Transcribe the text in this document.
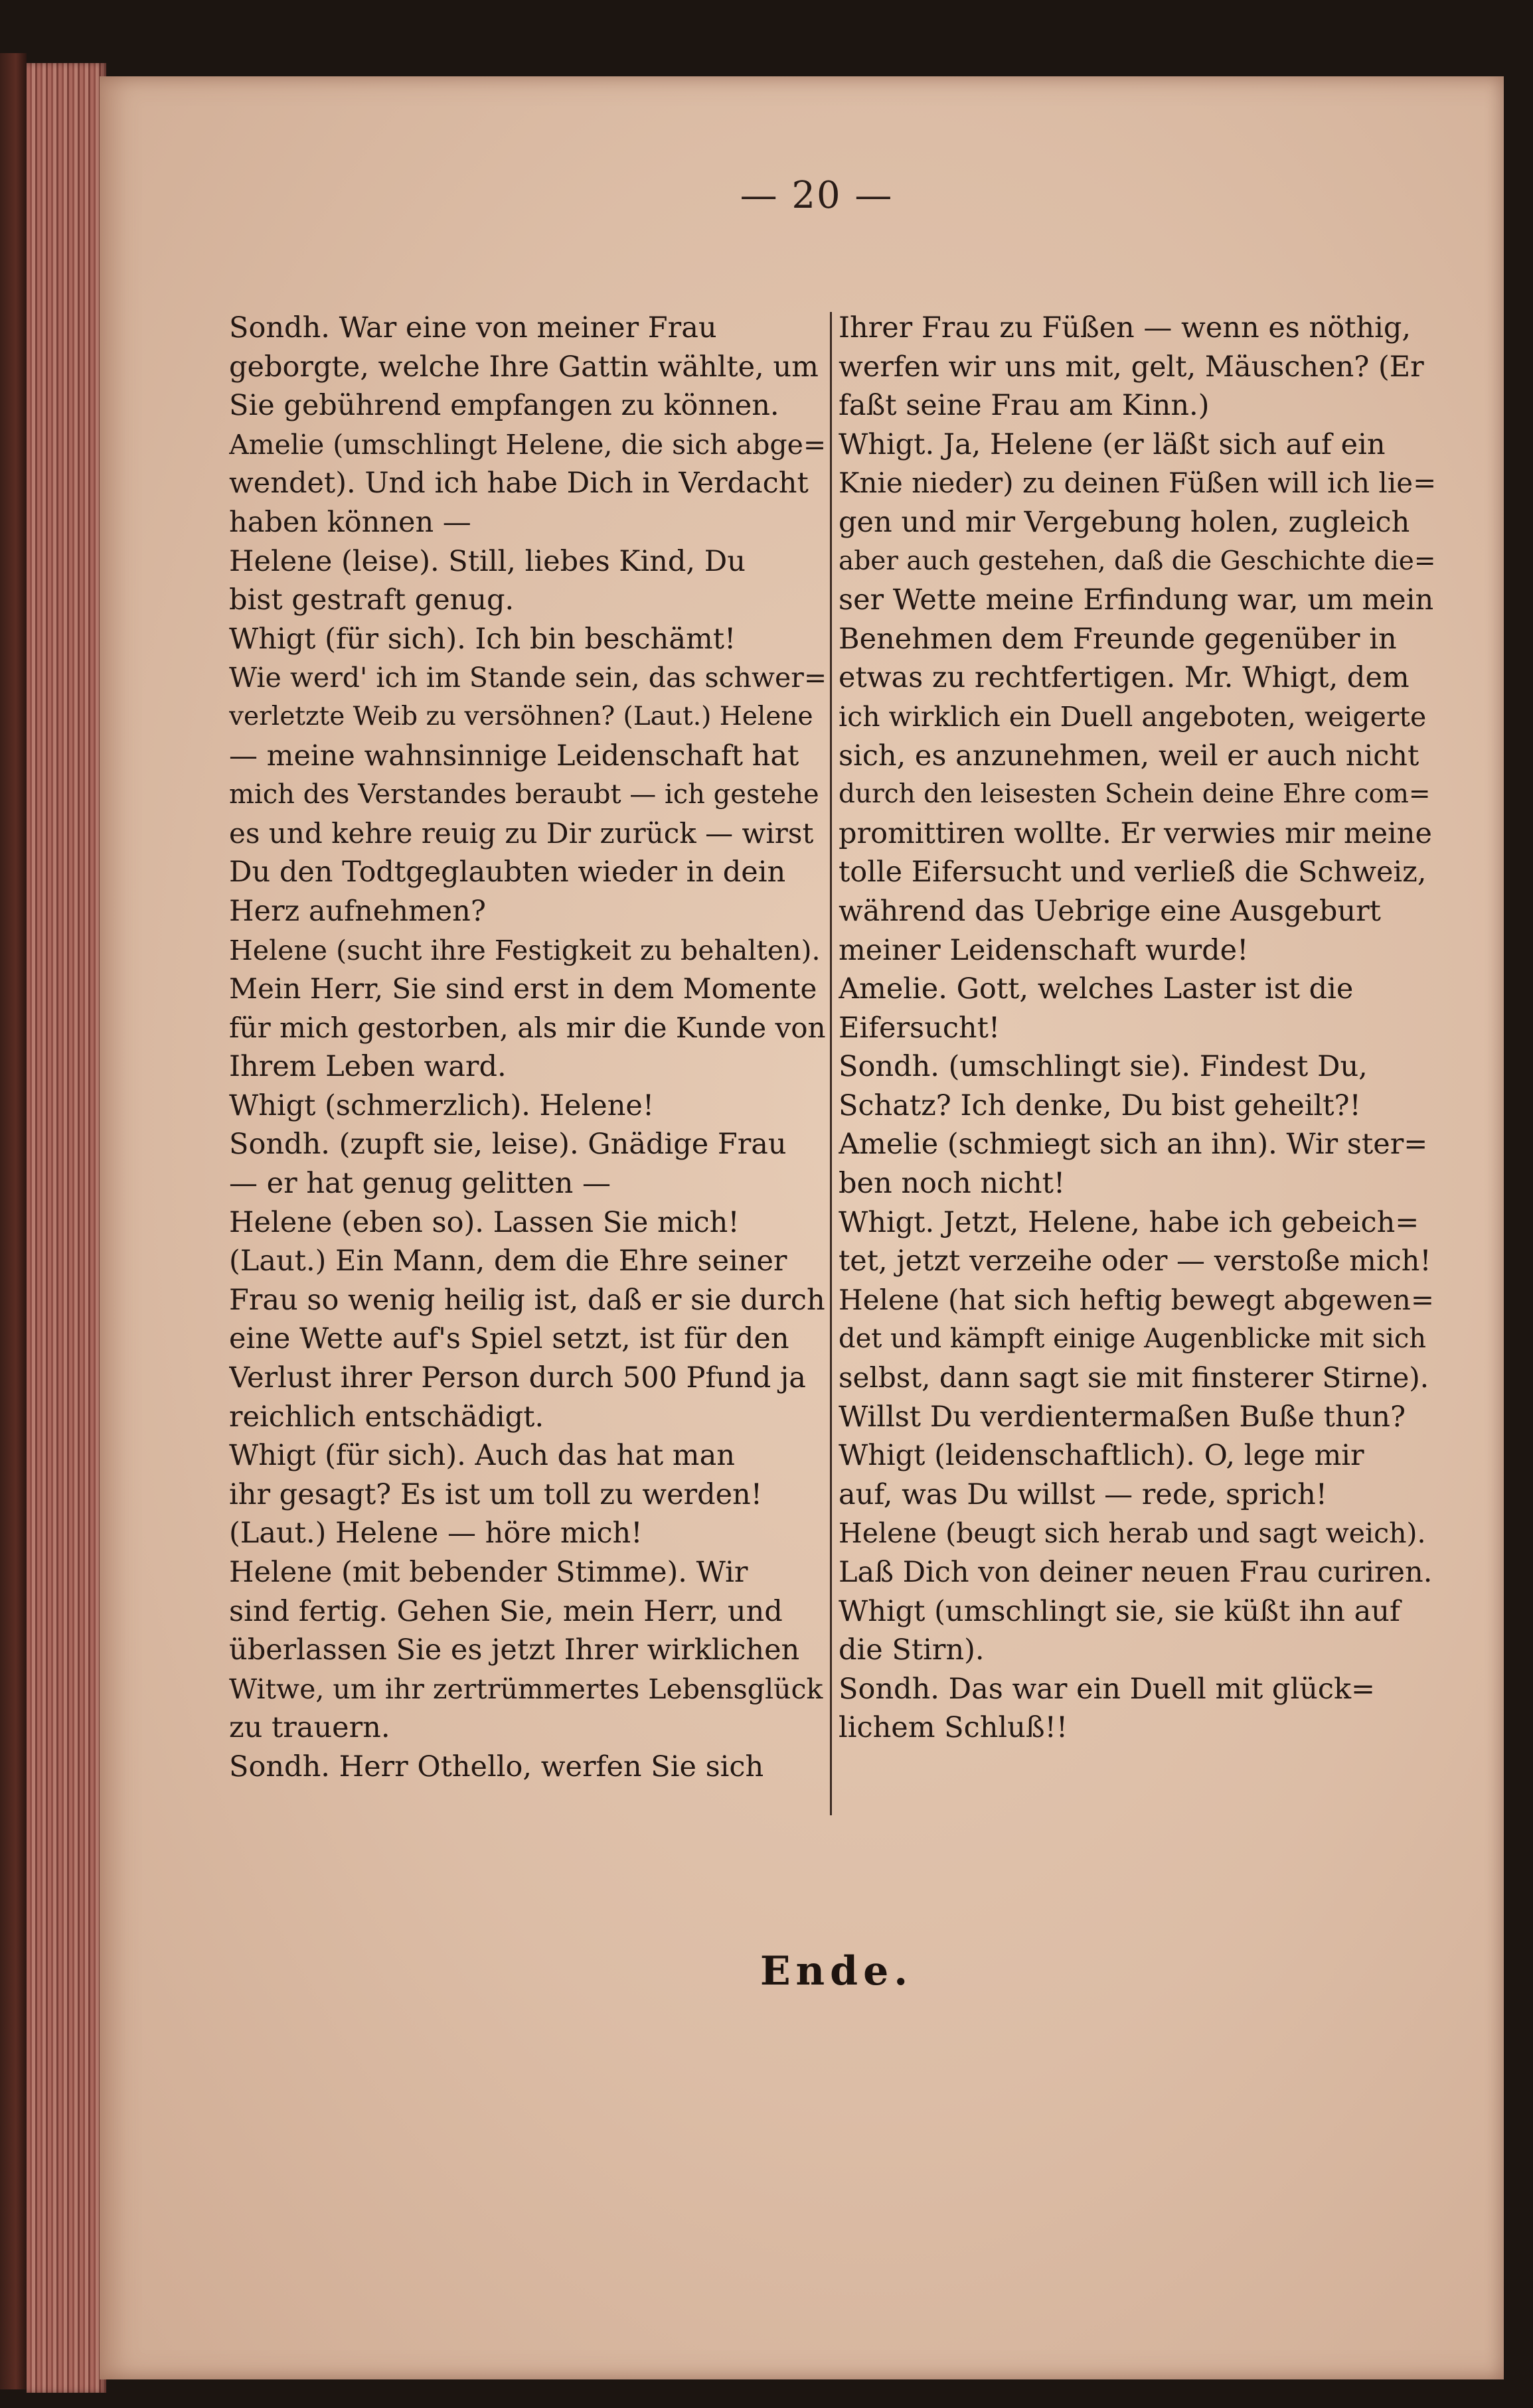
— 20 —

Sondh. War eine von meiner Frau
geborgte, welche Ihre Gattin wählte, um
Sie gebührend empfangen zu können.
Amelie (umschlingt Helene, die sich abge=
wendet). Und ich habe Dich in Verdacht
haben können —
Helene (leise). Still, liebes Kind, Du
bist gestraft genug.
Whigt (für sich). Ich bin beschämt!
Wie werd' ich im Stande sein, das schwer=
verletzte Weib zu versöhnen? (Laut.) Helene
— meine wahnsinnige Leidenschaft hat
mich des Verstandes beraubt — ich gestehe
es und kehre reuig zu Dir zurück — wirst
Du den Todtgeglaubten wieder in dein
Herz aufnehmen?
Helene (sucht ihre Festigkeit zu behalten).
Mein Herr, Sie sind erst in dem Momente
für mich gestorben, als mir die Kunde von
Ihrem Leben ward.
Whigt (schmerzlich). Helene!
Sondh. (zupft sie, leise). Gnädige Frau
— er hat genug gelitten —
Helene (eben so). Lassen Sie mich!
(Laut.) Ein Mann, dem die Ehre seiner
Frau so wenig heilig ist, daß er sie durch
eine Wette auf's Spiel setzt, ist für den
Verlust ihrer Person durch 500 Pfund ja
reichlich entschädigt.
Whigt (für sich). Auch das hat man
ihr gesagt? Es ist um toll zu werden!
(Laut.) Helene — höre mich!
Helene (mit bebender Stimme). Wir
sind fertig. Gehen Sie, mein Herr, und
überlassen Sie es jetzt Ihrer wirklichen
Witwe, um ihr zertrümmertes Lebensglück
zu trauern.
Sondh. Herr Othello, werfen Sie sich
Ihrer Frau zu Füßen — wenn es nöthig,
werfen wir uns mit, gelt, Mäuschen? (Er
faßt seine Frau am Kinn.)
Whigt. Ja, Helene (er läßt sich auf ein
Knie nieder) zu deinen Füßen will ich lie=
gen und mir Vergebung holen, zugleich
aber auch gestehen, daß die Geschichte die=
ser Wette meine Erfindung war, um mein
Benehmen dem Freunde gegenüber in
etwas zu rechtfertigen. Mr. Whigt, dem
ich wirklich ein Duell angeboten, weigerte
sich, es anzunehmen, weil er auch nicht
durch den leisesten Schein deine Ehre com=
promittiren wollte. Er verwies mir meine
tolle Eifersucht und verließ die Schweiz,
während das Uebrige eine Ausgeburt
meiner Leidenschaft wurde!
Amelie. Gott, welches Laster ist die
Eifersucht!
Sondh. (umschlingt sie). Findest Du,
Schatz? Ich denke, Du bist geheilt?!
Amelie (schmiegt sich an ihn). Wir ster=
ben noch nicht!
Whigt. Jetzt, Helene, habe ich gebeich=
tet, jetzt verzeihe oder — verstoße mich!
Helene (hat sich heftig bewegt abgewen=
det und kämpft einige Augenblicke mit sich
selbst, dann sagt sie mit finsterer Stirne).
Willst Du verdientermaßen Buße thun?
Whigt (leidenschaftlich). O, lege mir
auf, was Du willst — rede, sprich!
Helene (beugt sich herab und sagt weich).
Laß Dich von deiner neuen Frau curiren.
Whigt (umschlingt sie, sie küßt ihn auf
die Stirn).
Sondh. Das war ein Duell mit glück=
lichem Schluß!!

Ende.
